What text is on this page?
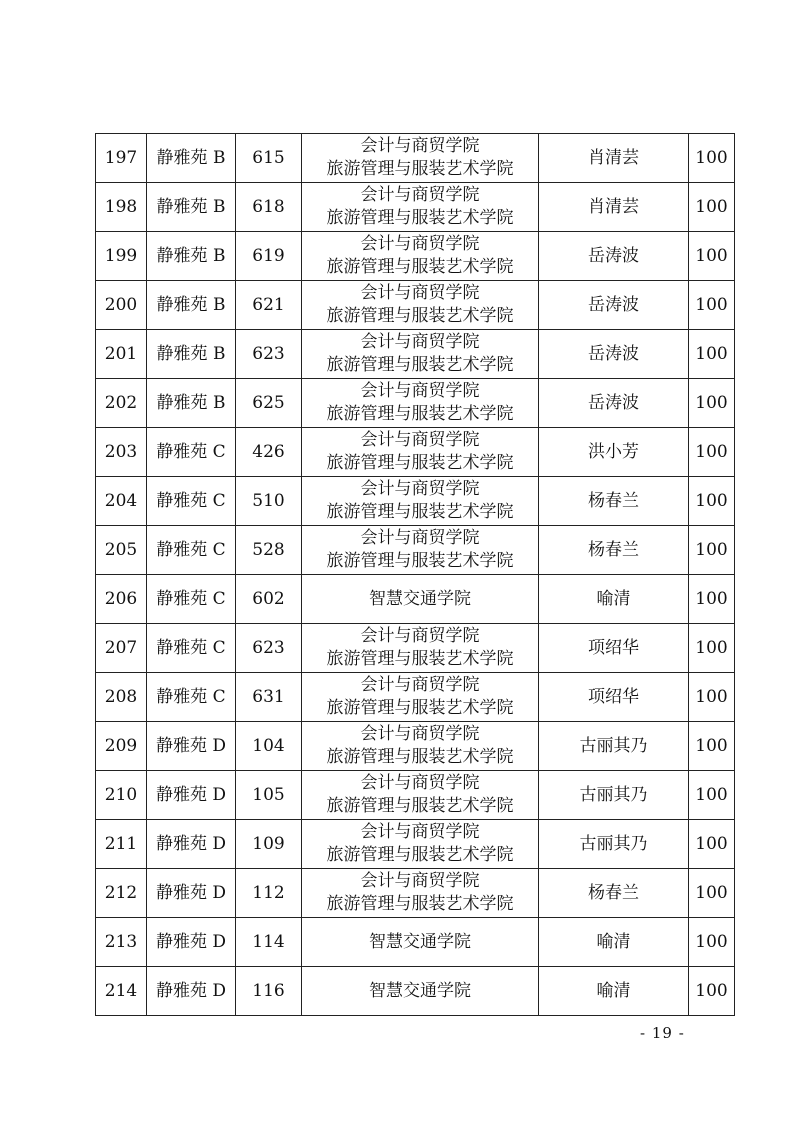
197	静雅苑 B	615	会计与商贸学院
旅游管理与服装艺术学院	肖清芸	100
198	静雅苑 B	618	会计与商贸学院
旅游管理与服装艺术学院	肖清芸	100
199	静雅苑 B	619	会计与商贸学院
旅游管理与服装艺术学院	岳涛波	100
200	静雅苑 B	621	会计与商贸学院
旅游管理与服装艺术学院	岳涛波	100
201	静雅苑 B	623	会计与商贸学院
旅游管理与服装艺术学院	岳涛波	100
202	静雅苑 B	625	会计与商贸学院
旅游管理与服装艺术学院	岳涛波	100
203	静雅苑 C	426	会计与商贸学院
旅游管理与服装艺术学院	洪小芳	100
204	静雅苑 C	510	会计与商贸学院
旅游管理与服装艺术学院	杨春兰	100
205	静雅苑 C	528	会计与商贸学院
旅游管理与服装艺术学院	杨春兰	100
206	静雅苑 C	602	智慧交通学院	喻清	100
207	静雅苑 C	623	会计与商贸学院
旅游管理与服装艺术学院	项绍华	100
208	静雅苑 C	631	会计与商贸学院
旅游管理与服装艺术学院	项绍华	100
209	静雅苑 D	104	会计与商贸学院
旅游管理与服装艺术学院	古丽其乃	100
210	静雅苑 D	105	会计与商贸学院
旅游管理与服装艺术学院	古丽其乃	100
211	静雅苑 D	109	会计与商贸学院
旅游管理与服装艺术学院	古丽其乃	100
212	静雅苑 D	112	会计与商贸学院
旅游管理与服装艺术学院	杨春兰	100
213	静雅苑 D	114	智慧交通学院	喻清	100
214	静雅苑 D	116	智慧交通学院	喻清	100
- 19 -
